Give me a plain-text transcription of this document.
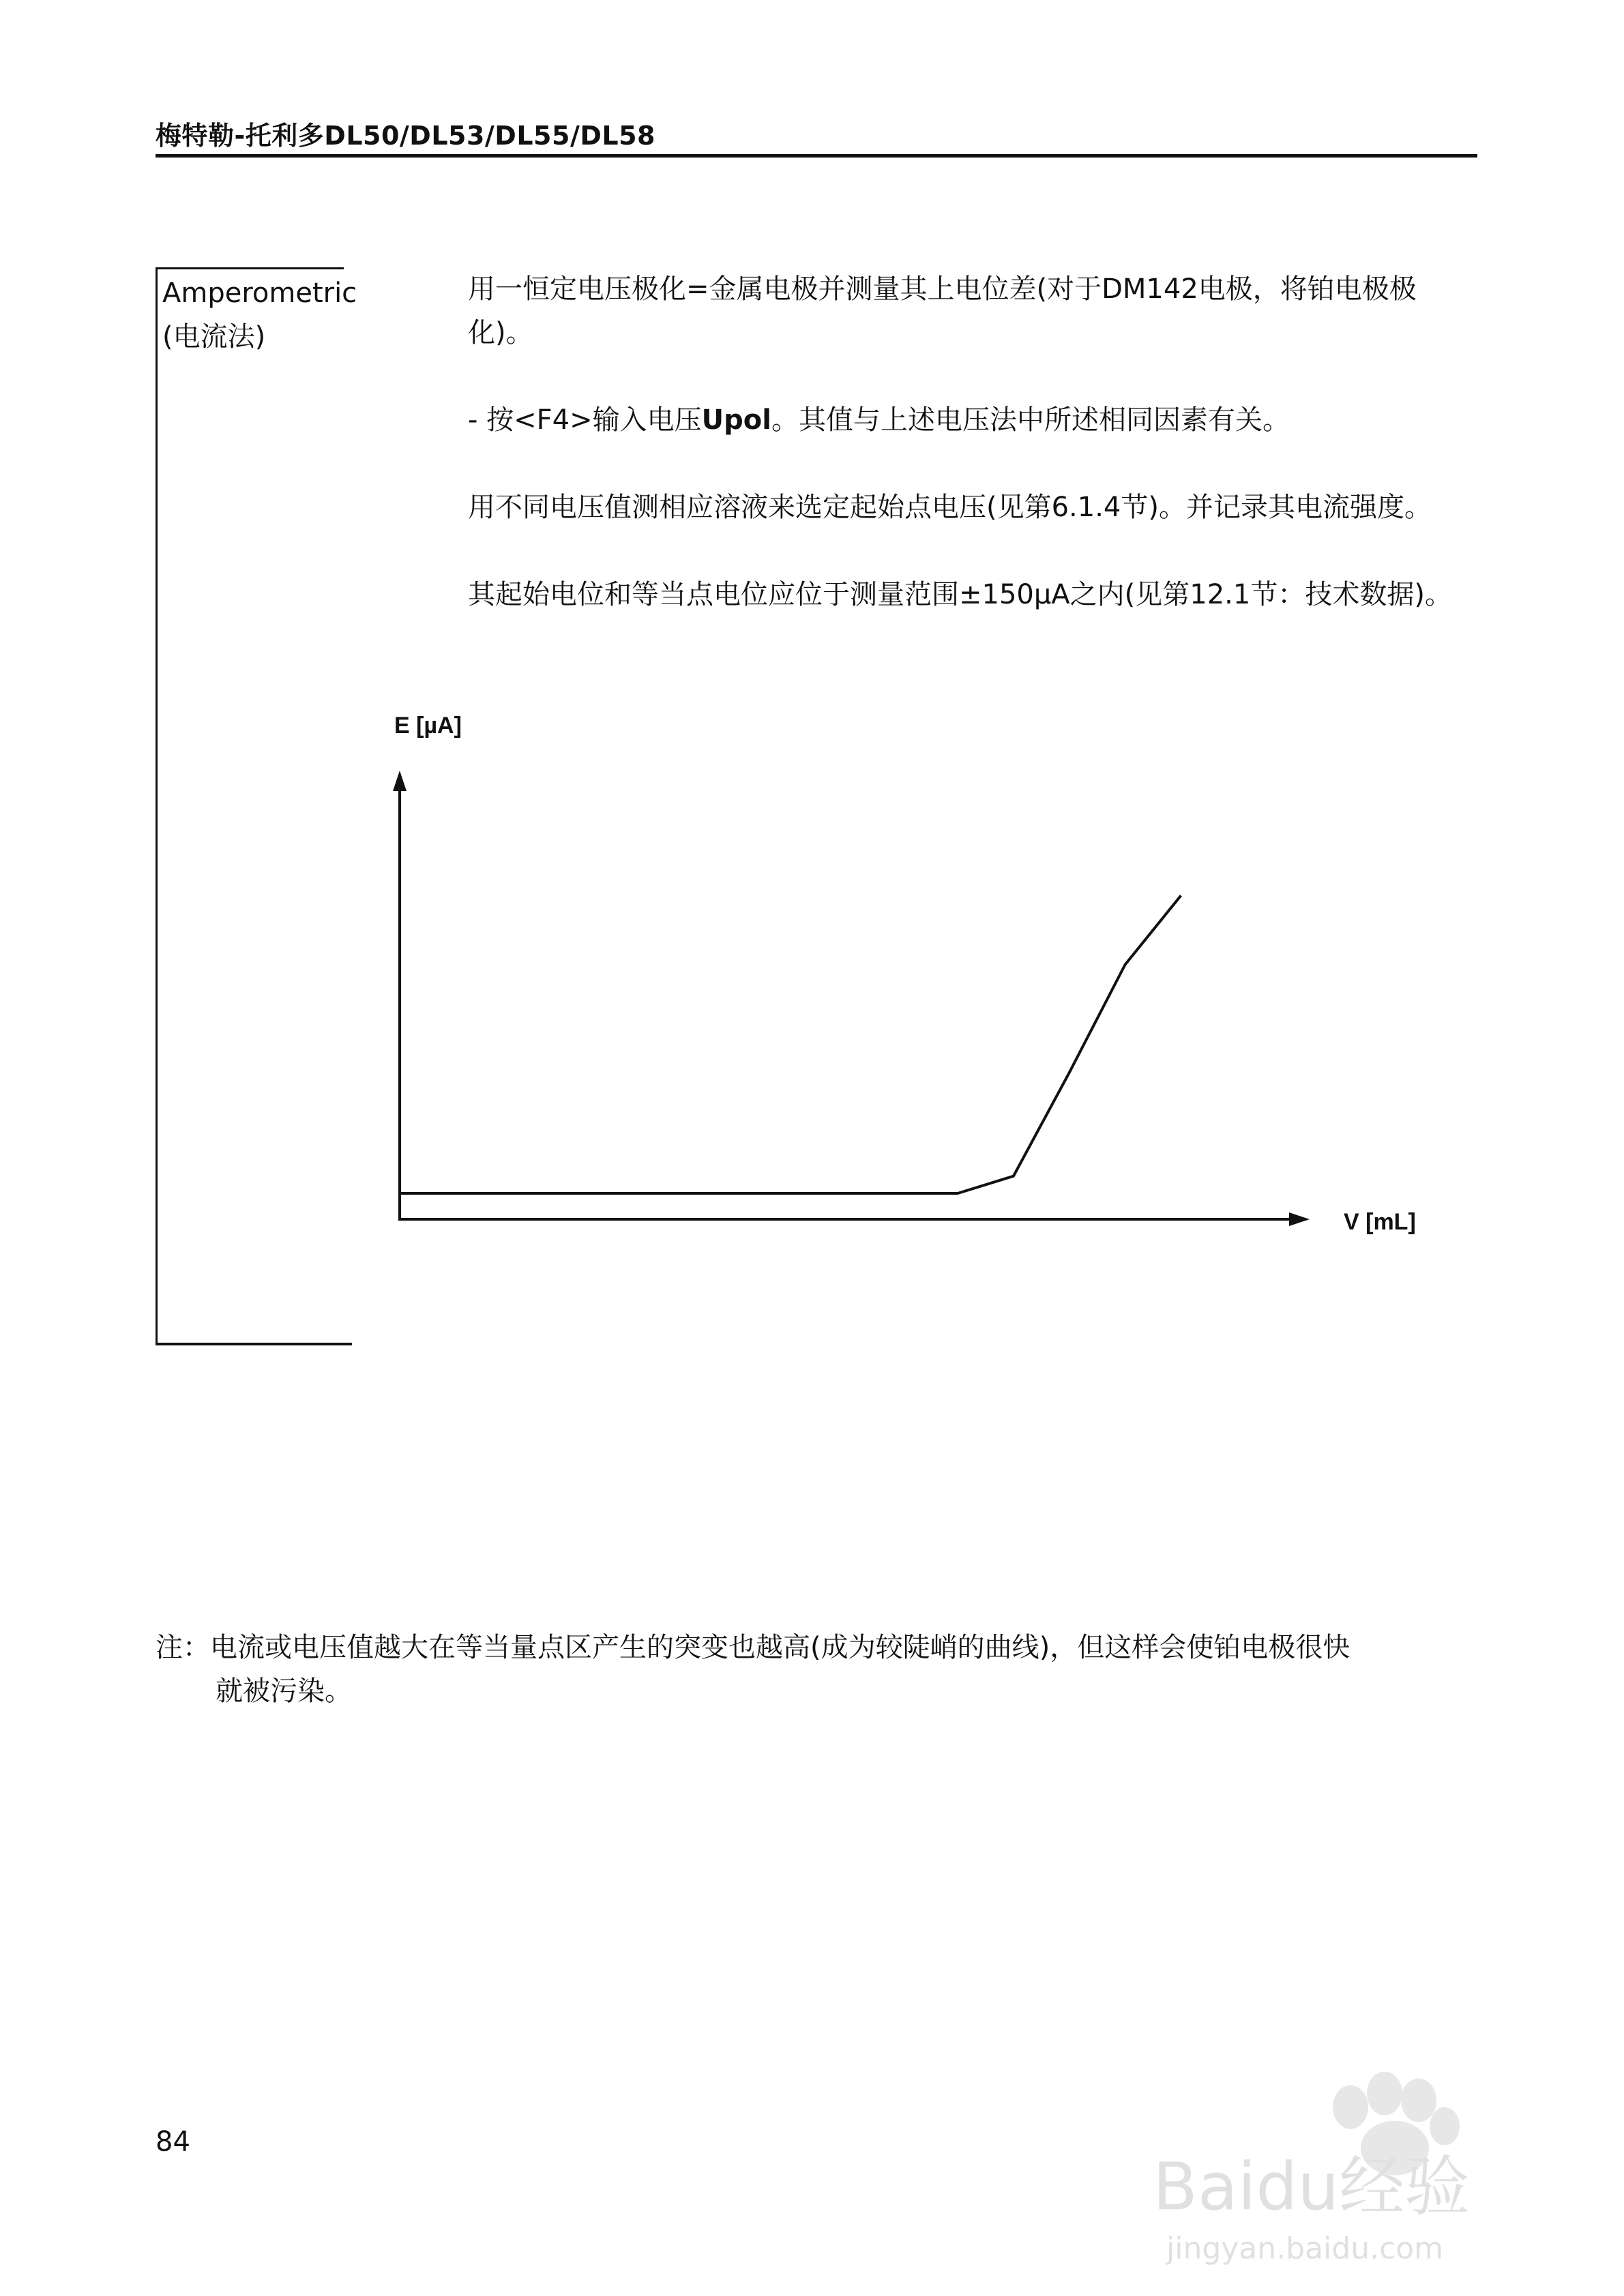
梅特勒-托利多DL50/DL53/DL55/DL58
Amperometric
(电流法)
用一恒定电压极化=金属电极并测量其上电位差(对于DM142电极，将铂电极极化)。
- 按<F4>输入电压Upol。其值与上述电压法中所述相同因素有关。
用不同电压值测相应溶液来选定起始点电压(见第6.1.4节)。并记录其电流强度。
其起始电位和等当点电位应位于测量范围±150µA之内(见第12.1节：技术数据)。
E [µA]
V [mL]
注：电流或电压值越大在等当量点区产生的突变也越高(成为较陡峭的曲线)，但这样会使铂电极很快
就被污染。
84
Baidu经验
jingyan.baidu.com
